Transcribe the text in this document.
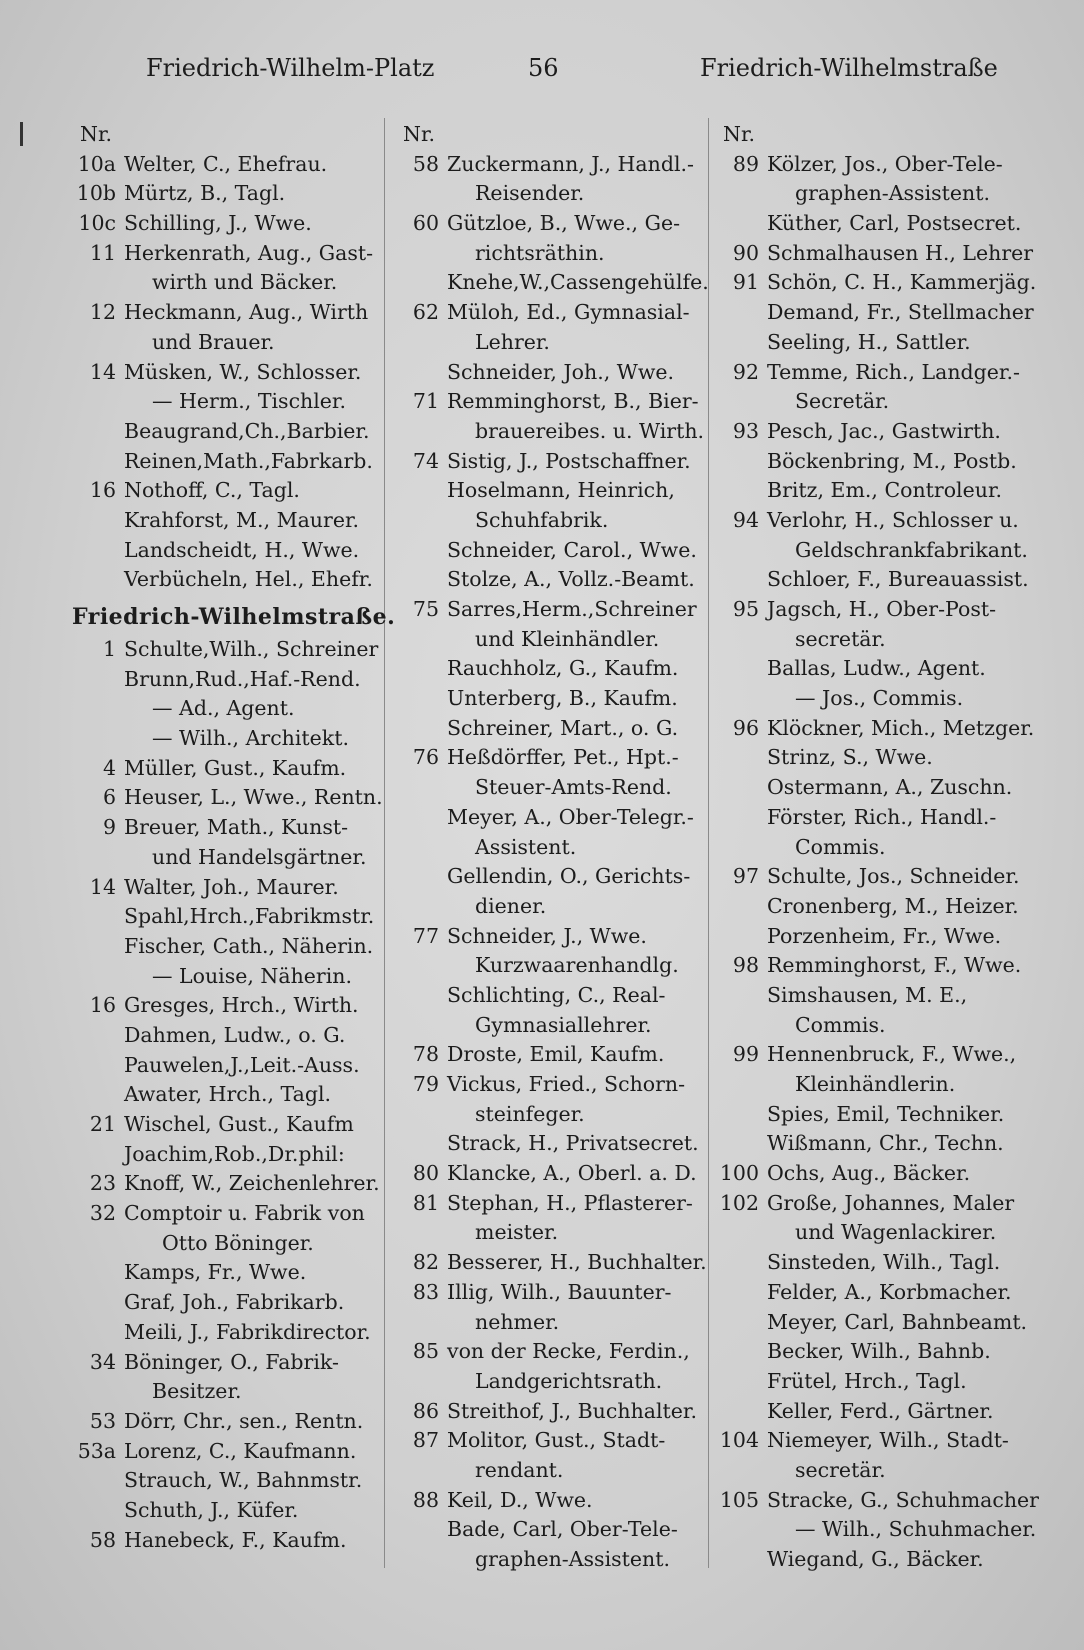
Friedrich-Wilhelm-Platz	56	Friedrich-Wilhelmstraße
Nr.
10a Welter, C., Ehefrau.
10b Mürtz, B., Tagl.
10c Schilling, J., Wwe.
11 Herkenrath, Aug., Gast-
wirth und Bäcker.
12 Heckmann, Aug., Wirth
und Brauer.
14 Müsken, W., Schlosser.
— Herm., Tischler.
Beaugrand,Ch.,Barbier.
Reinen,Math.,Fabrkarb.
16 Nothoff, C., Tagl.
Krahforst, M., Maurer.
Landscheidt, H., Wwe.
Verbücheln, Hel., Ehefr.
Friedrich-Wilhelmstraße.
1 Schulte,Wilh., Schreiner
Brunn,Rud.,Haf.-Rend.
— Ad., Agent.
— Wilh., Architekt.
4 Müller, Gust., Kaufm.
6 Heuser, L., Wwe., Rentn.
9 Breuer, Math., Kunst-
und Handelsgärtner.
14 Walter, Joh., Maurer.
Spahl,Hrch.,Fabrikmstr.
Fischer, Cath., Näherin.
— Louise, Näherin.
16 Gresges, Hrch., Wirth.
Dahmen, Ludw., o. G.
Pauwelen,J.,Leit.-Auss.
Awater, Hrch., Tagl.
21 Wischel, Gust., Kaufm
Joachim,Rob.,Dr.phil:
23 Knoff, W., Zeichenlehrer.
32 Comptoir u. Fabrik von
Otto Böninger.
Kamps, Fr., Wwe.
Graf, Joh., Fabrikarb.
Meili, J., Fabrikdirector.
34 Böninger, O., Fabrik-
Besitzer.
53 Dörr, Chr., sen., Rentn.
53a Lorenz, C., Kaufmann.
Strauch, W., Bahnmstr.
Schuth, J., Küfer.
58 Hanebeck, F., Kaufm.
Nr.
58 Zuckermann, J., Handl.-
Reisender.
60 Gützloe, B., Wwe., Ge-
richtsräthin.
Knehe,W.,Cassengehülfe.
62 Müloh, Ed., Gymnasial-
Lehrer.
Schneider, Joh., Wwe.
71 Remminghorst, B., Bier-
brauereibes. u. Wirth.
74 Sistig, J., Postschaffner.
Hoselmann, Heinrich,
Schuhfabrik.
Schneider, Carol., Wwe.
Stolze, A., Vollz.-Beamt.
75 Sarres,Herm.,Schreiner
und Kleinhändler.
Rauchholz, G., Kaufm.
Unterberg, B., Kaufm.
Schreiner, Mart., o. G.
76 Heßdörffer, Pet., Hpt.-
Steuer-Amts-Rend.
Meyer, A., Ober-Telegr.-
Assistent.
Gellendin, O., Gerichts-
diener.
77 Schneider, J., Wwe.
Kurzwaarenhandlg.
Schlichting, C., Real-
Gymnasiallehrer.
78 Droste, Emil, Kaufm.
79 Vickus, Fried., Schorn-
steinfeger.
Strack, H., Privatsecret.
80 Klancke, A., Oberl. a. D.
81 Stephan, H., Pflasterer-
meister.
82 Besserer, H., Buchhalter.
83 Illig, Wilh., Bauunter-
nehmer.
85 von der Recke, Ferdin.,
Landgerichtsrath.
86 Streithof, J., Buchhalter.
87 Molitor, Gust., Stadt-
rendant.
88 Keil, D., Wwe.
Bade, Carl, Ober-Tele-
graphen-Assistent.
Nr.
89 Kölzer, Jos., Ober-Tele-
graphen-Assistent.
Küther, Carl, Postsecret.
90 Schmalhausen H., Lehrer
91 Schön, C. H., Kammerjäg.
Demand, Fr., Stellmacher
Seeling, H., Sattler.
92 Temme, Rich., Landger.-
Secretär.
93 Pesch, Jac., Gastwirth.
Böckenbring, M., Postb.
Britz, Em., Controleur.
94 Verlohr, H., Schlosser u.
Geldschrankfabrikant.
Schloer, F., Bureauassist.
95 Jagsch, H., Ober-Post-
secretär.
Ballas, Ludw., Agent.
— Jos., Commis.
96 Klöckner, Mich., Metzger.
Strinz, S., Wwe.
Ostermann, A., Zuschn.
Förster, Rich., Handl.-
Commis.
97 Schulte, Jos., Schneider.
Cronenberg, M., Heizer.
Porzenheim, Fr., Wwe.
98 Remminghorst, F., Wwe.
Simshausen, M. E.,
Commis.
99 Hennenbruck, F., Wwe.,
Kleinhändlerin.
Spies, Emil, Techniker.
Wißmann, Chr., Techn.
100 Ochs, Aug., Bäcker.
102 Große, Johannes, Maler
und Wagenlackirer.
Sinsteden, Wilh., Tagl.
Felder, A., Korbmacher.
Meyer, Carl, Bahnbeamt.
Becker, Wilh., Bahnb.
Frütel, Hrch., Tagl.
Keller, Ferd., Gärtner.
104 Niemeyer, Wilh., Stadt-
secretär.
105 Stracke, G., Schuhmacher
— Wilh., Schuhmacher.
Wiegand, G., Bäcker.
